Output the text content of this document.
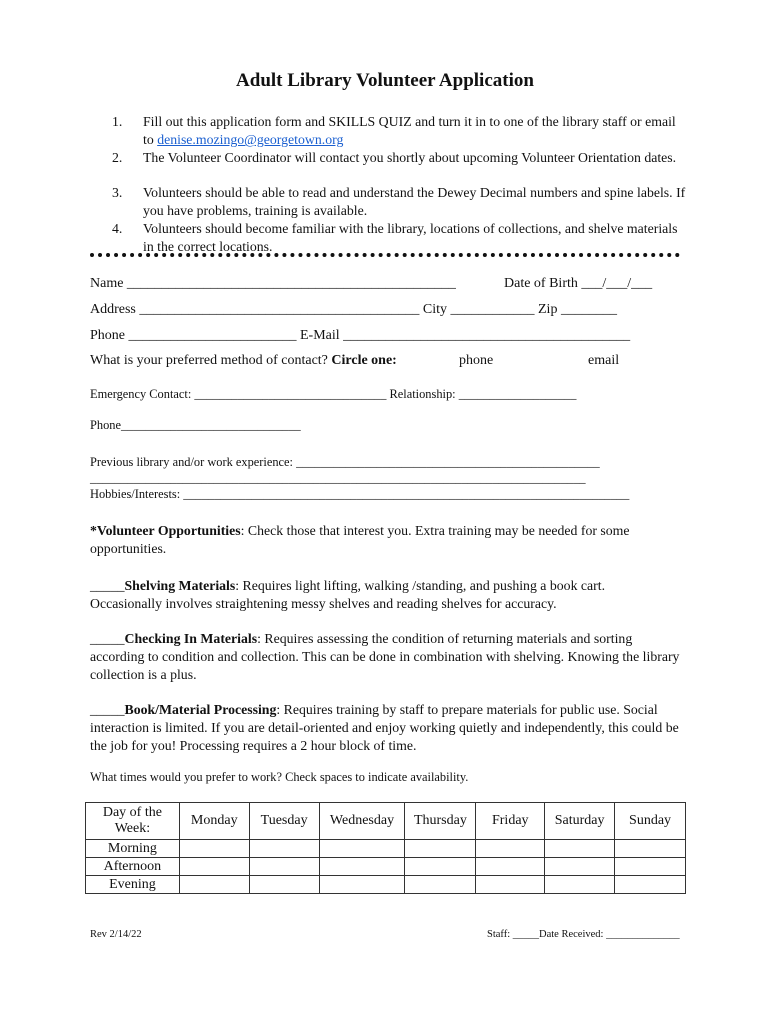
Adult Library Volunteer Application
1. Fill out this application form and SKILLS QUIZ and turn it in to one of the library staff or email to denise.mozingo@georgetown.org
2. The Volunteer Coordinator will contact you shortly about upcoming Volunteer Orientation dates.
3. Volunteers should be able to read and understand the Dewey Decimal numbers and spine labels. If you have problems, training is available.
4. Volunteers should become familiar with the library, locations of collections, and shelve materials in the correct locations.
Name _______________________________________________	Date of Birth ___/___/___
Address ________________________________________ City ____________ Zip ________
Phone ________________________ E-Mail _________________________________________
What is your preferred method of contact? Circle one:	phone	email
Emergency Contact: _______________________________ Relationship: ___________________
Phone_____________________________
Previous library and/or work experience: _________________________________________________
________________________________________________________________________________
Hobbies/Interests: ________________________________________________________________________
*Volunteer Opportunities: Check those that interest you. Extra training may be needed for some opportunities.
_____Shelving Materials: Requires light lifting, walking /standing, and pushing a book cart. Occasionally involves straightening messy shelves and reading shelves for accuracy.
_____Checking In Materials: Requires assessing the condition of returning materials and sorting according to condition and collection. This can be done in combination with shelving. Knowing the library collection is a plus.
_____Book/Material Processing: Requires training by staff to prepare materials for public use. Social interaction is limited. If you are detail-oriented and enjoy working quietly and independently, this could be the job for you! Processing requires a 2 hour block of time.
What times would you prefer to work? Check spaces to indicate availability.
Day of the Week:	Monday	Tuesday	Wednesday	Thursday	Friday	Saturday	Sunday
Morning							
Afternoon							
Evening							
Rev 2/14/22	Staff: _____Date Received: ______________
